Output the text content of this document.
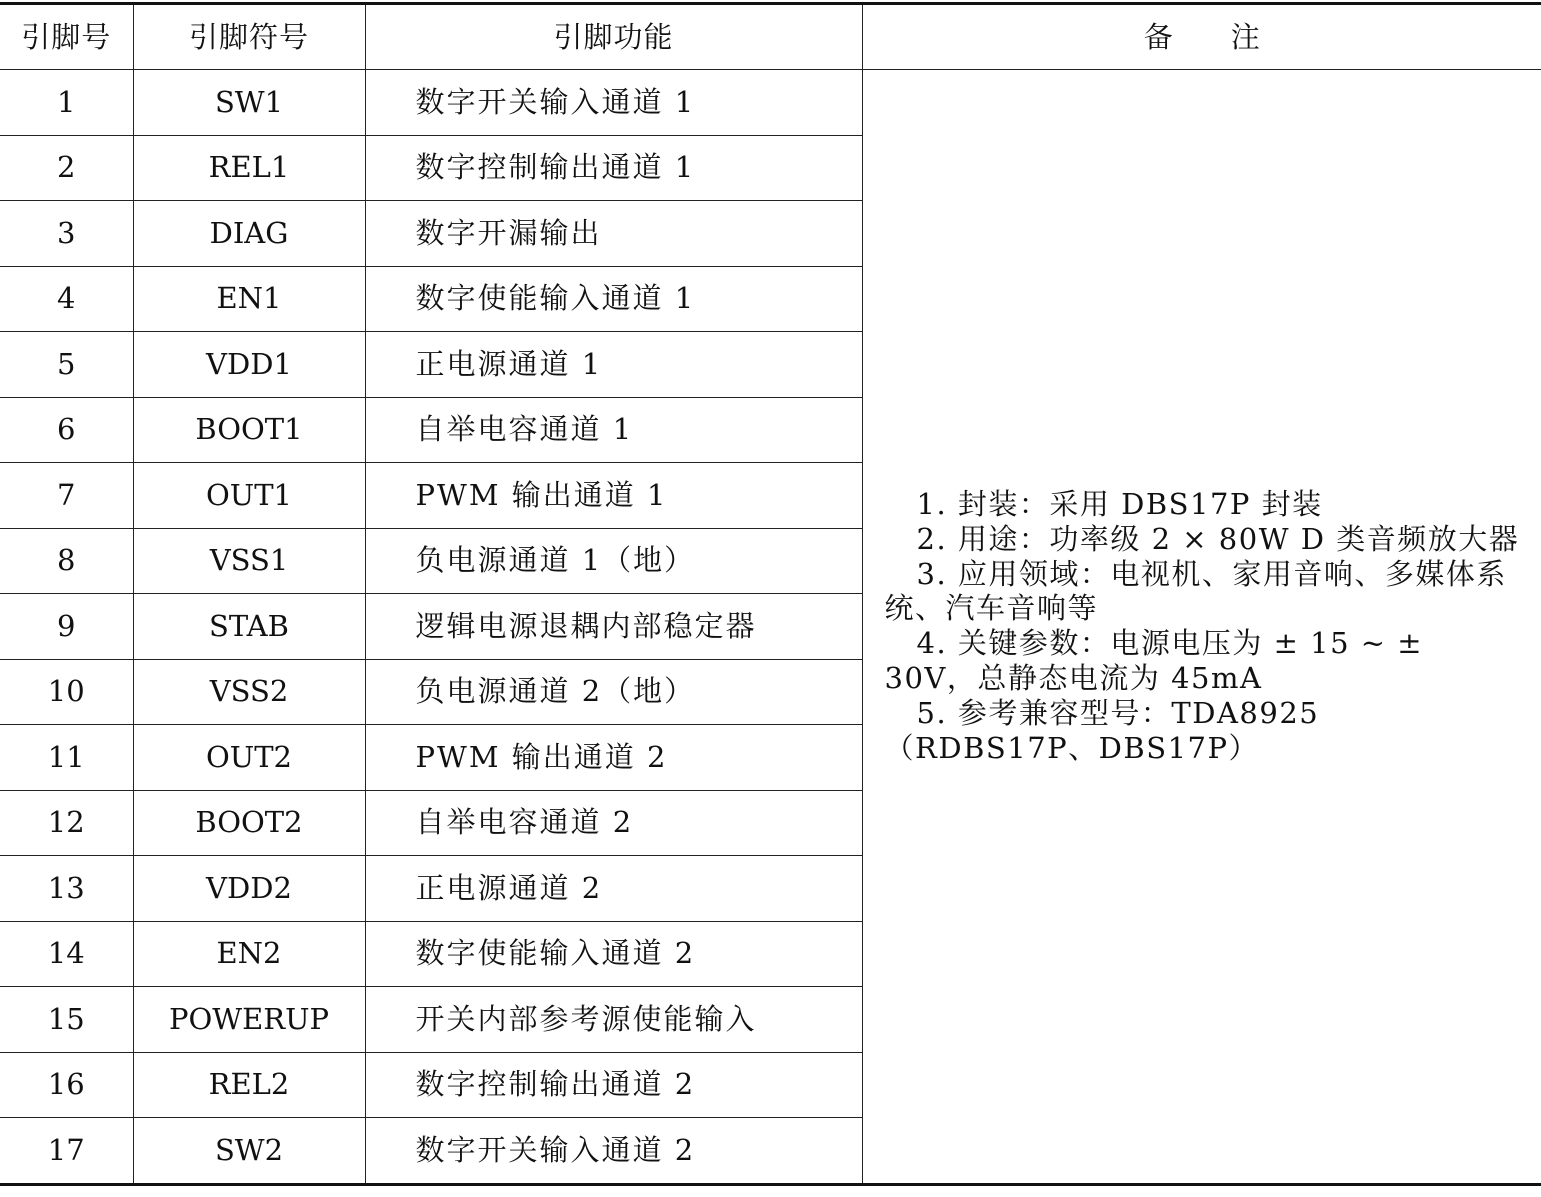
引脚号	引脚符号	引脚功能	备注
1	SW1	数字开关输入通道 1	1. 封装：采用 DBS17P 封装

2. 用途：功率级 2 × 80W D 类音频放大器

3. 应用领域：电视机、家用音响、多媒体系统、汽车音响等

4. 关键参数：电源电压为 ± 15 ~ ± 30V，总静态电流为 45mA

5. 参考兼容型号：TDA8925（RDBS17P、DBS17P）

2	REL1	数字控制输出通道 1	
3	DIAG	数字开漏输出	
4	EN1	数字使能输入通道 1	
5	VDD1	正电源通道 1	
6	BOOT1	自举电容通道 1	
7	OUT1	PWM 输出通道 1	
8	VSS1	负电源通道 1（地）	
9	STAB	逻辑电源退耦内部稳定器	
10	VSS2	负电源通道 2（地）	
11	OUT2	PWM 输出通道 2	
12	BOOT2	自举电容通道 2	
13	VDD2	正电源通道 2	
14	EN2	数字使能输入通道 2	
15	POWERUP	开关内部参考源使能输入	
16	REL2	数字控制输出通道 2	
17	SW2	数字开关输入通道 2	
